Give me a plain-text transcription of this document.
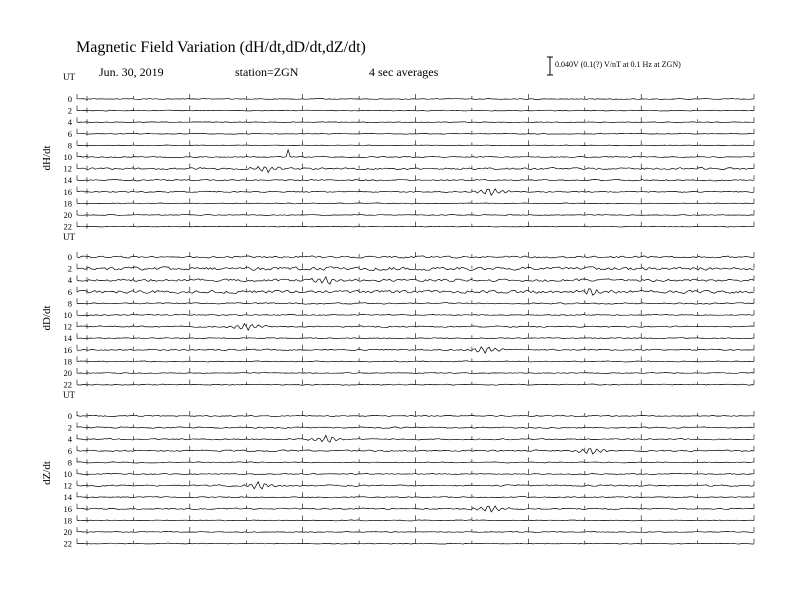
Magnetic Field Variation (dH/dt,dD/dt,dZ/dt)
Jun. 30, 2019	station=ZGN	4 sec averages
0.040V (0.1(?) V/nT at 0.1 Hz at ZGN)
UT
dH/dt
0
2
4
6
8
10
12
14
16
18
20
22
UT
dD/dt
0
2
4
6
8
10
12
14
16
18
20
22
UT
dZ/dt
0
2
4
6
8
10
12
14
16
18
20
22
